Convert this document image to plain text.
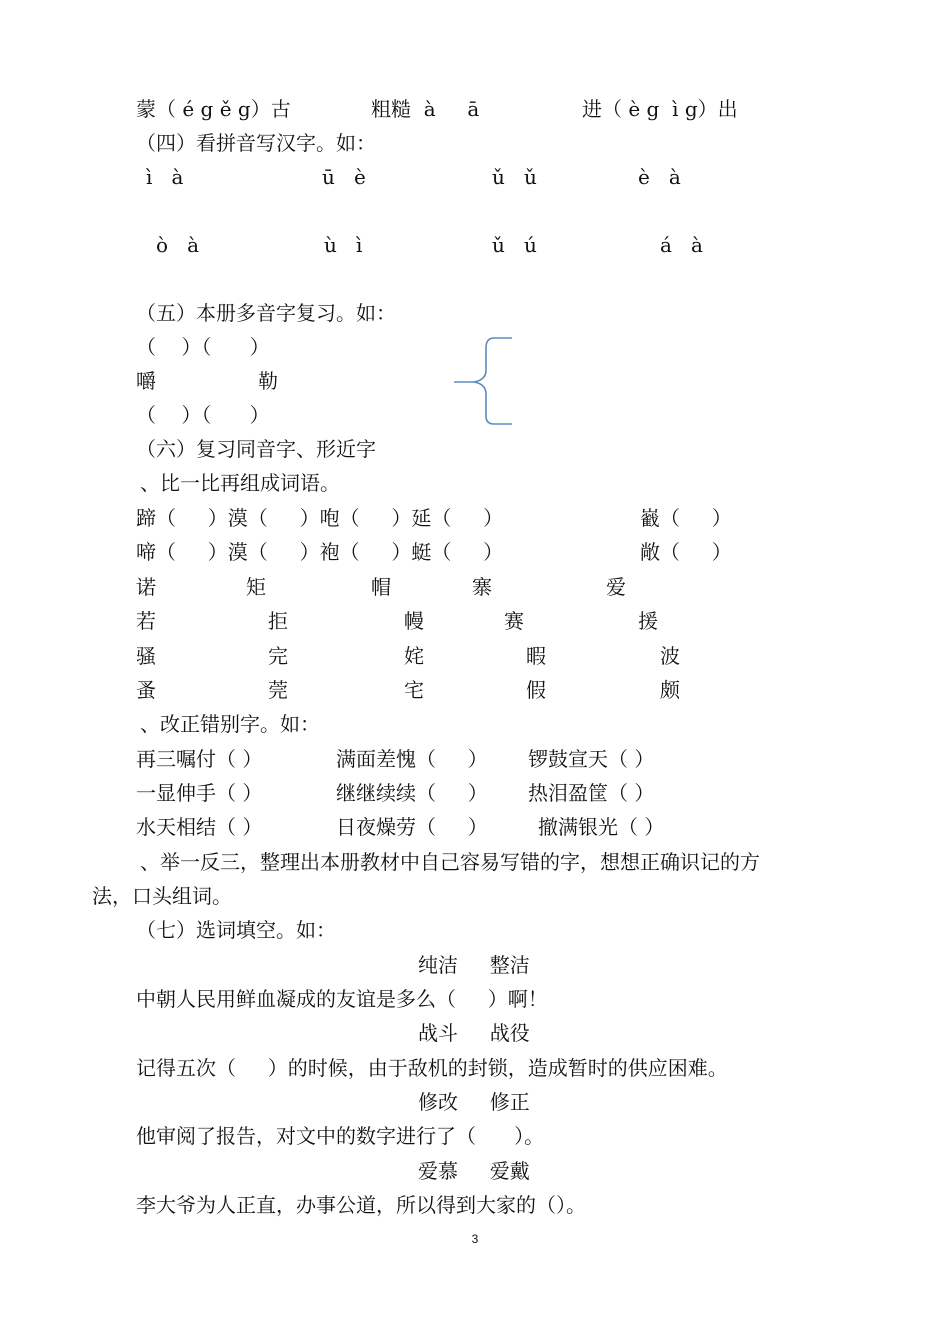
蒙（ é g ě g）古	粗糙  à     ā	进（ è g  ì g）出
（四）看拼音写汉字。如：
ì   à	ū   è	ǔ   ǔ	è   à
ò   à	ù   ì	ǔ   ú	á   à
（五）本册多音字复习。如：
（    ）（      ）
嚼	勒
（    ）（      ）
（六）复习同音字、形近字
、比一比再组成词语。
蹄（     ）漠（     ）咆（     ）延（     ）	巀（     ）
啼（     ）漠（     ）袍（     ）蜓（     ）	敞（     ）
诺	矩	帽	寨	爱
若	拒	幔	赛	援
骚	完	姹	暇	波
蚤	莞	宅	假	颇
、改正错别字。如：
再三嘱付（ ）	满面差愧（     ） 锣鼓宣天（ ）
一显伸手（ ）	继继续续（     ） 热泪盈筐（ ）
水天相结（ ）	日夜燥劳（     ）	撤满银光（ ）
、举一反三，整理出本册教材中自己容易写错的字，想想正确识记的方
法，口头组词。
（七）选词填空。如：
纯洁     整洁
中朝人民用鲜血凝成的友谊是多么（     ）啊！
战斗     战役
记得五次（     ）的时候，由于敌机的封锁，造成暂时的供应困难。
修改     修正
他审阅了报告，对文中的数字进行了（      ）。
爱慕     爱戴
李大爷为人正直，办事公道，所以得到大家的（）。
3
